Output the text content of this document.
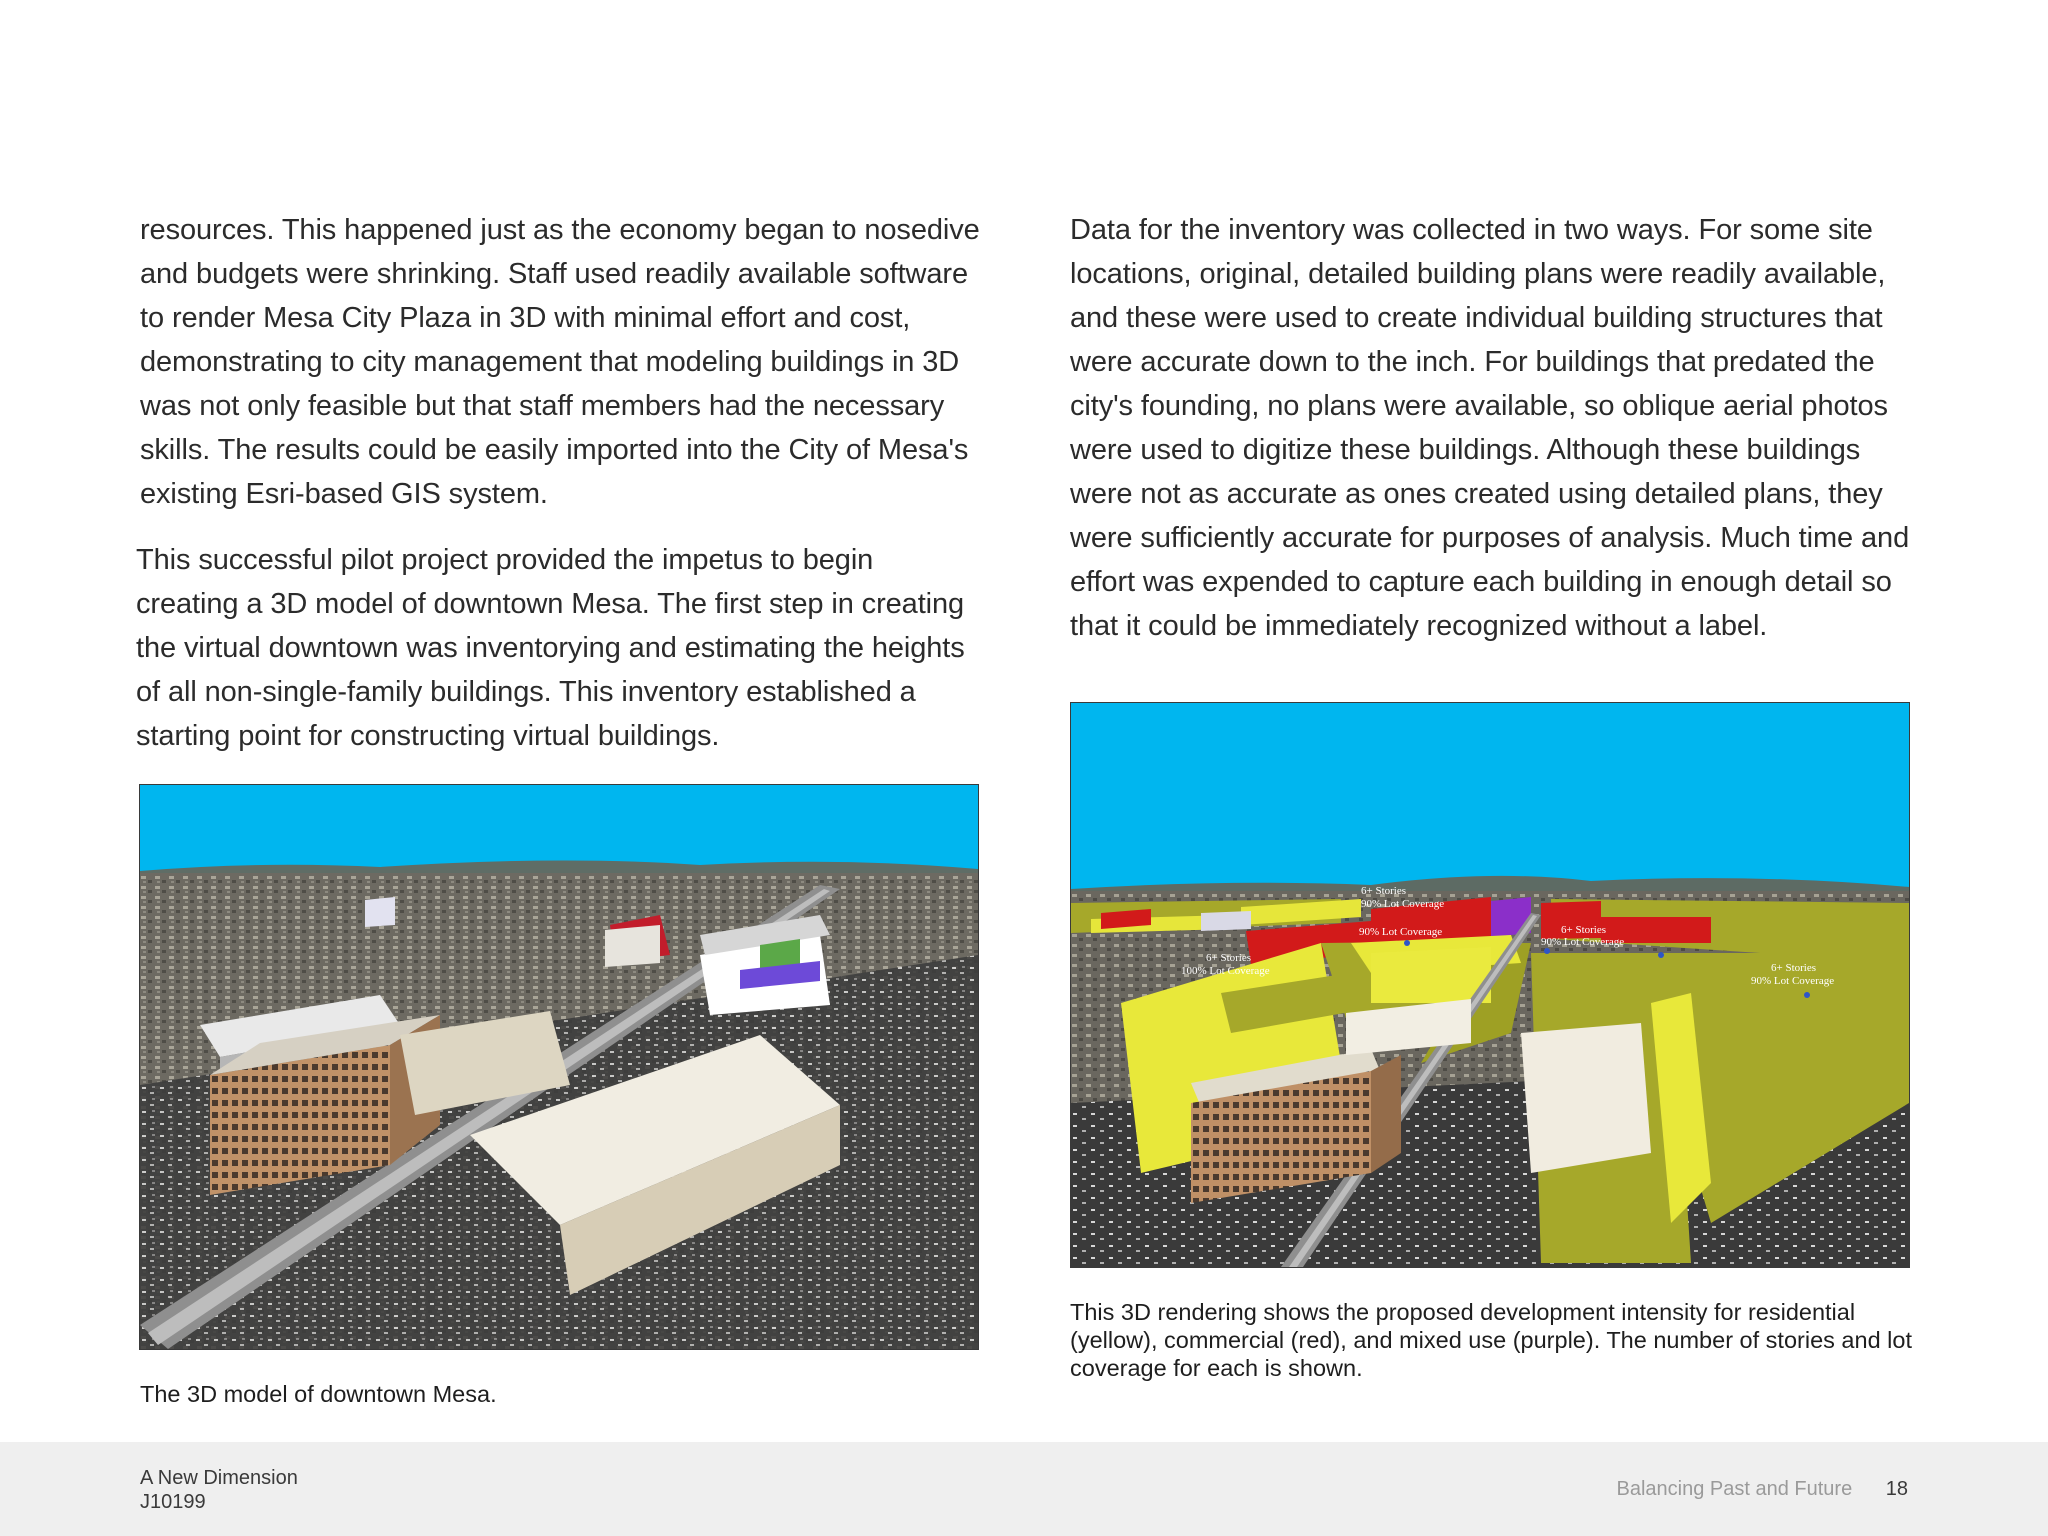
resources. This happened just as the economy began to nosedive and budgets were shrinking. Staff used readily available software to render Mesa City Plaza in 3D with minimal effort and cost, demonstrating to city management that modeling buildings in 3D was not only feasible but that staff members had the necessary skills. The results could be easily imported into the City of Mesa's existing Esri-based GIS system.

This successful pilot project provided the impetus to begin creating a 3D model of downtown Mesa. The first step in creating the virtual downtown was inventorying and estimating the heights of all non-single-family buildings. This inventory established a starting point for constructing virtual buildings.

Data for the inventory was collected in two ways. For some site locations, original, detailed building plans were readily available, and these were used to create individual building structures that were accurate down to the inch. For buildings that predated the city's founding, no plans were available, so oblique aerial photos were used to digitize these buildings. Although these buildings were not as accurate as ones created using detailed plans, they were sufficiently accurate for purposes of analysis. Much time and effort was expended to capture each building in enough detail so that it could be immediately recognized without a label.

The 3D model of downtown Mesa.
6+ Stories
90% Lot Coverage
90% Lot Coverage	6+ Stories
90% Lot Coverage
6+ Stories
100% Lot Coverage	6+ Stories
90% Lot Coverage
This 3D rendering shows the proposed development intensity for residential (yellow), commercial (red), and mixed use (purple). The number of stories and lot coverage for each is shown.
A New Dimension
J10199
Balancing Past and Future 18
